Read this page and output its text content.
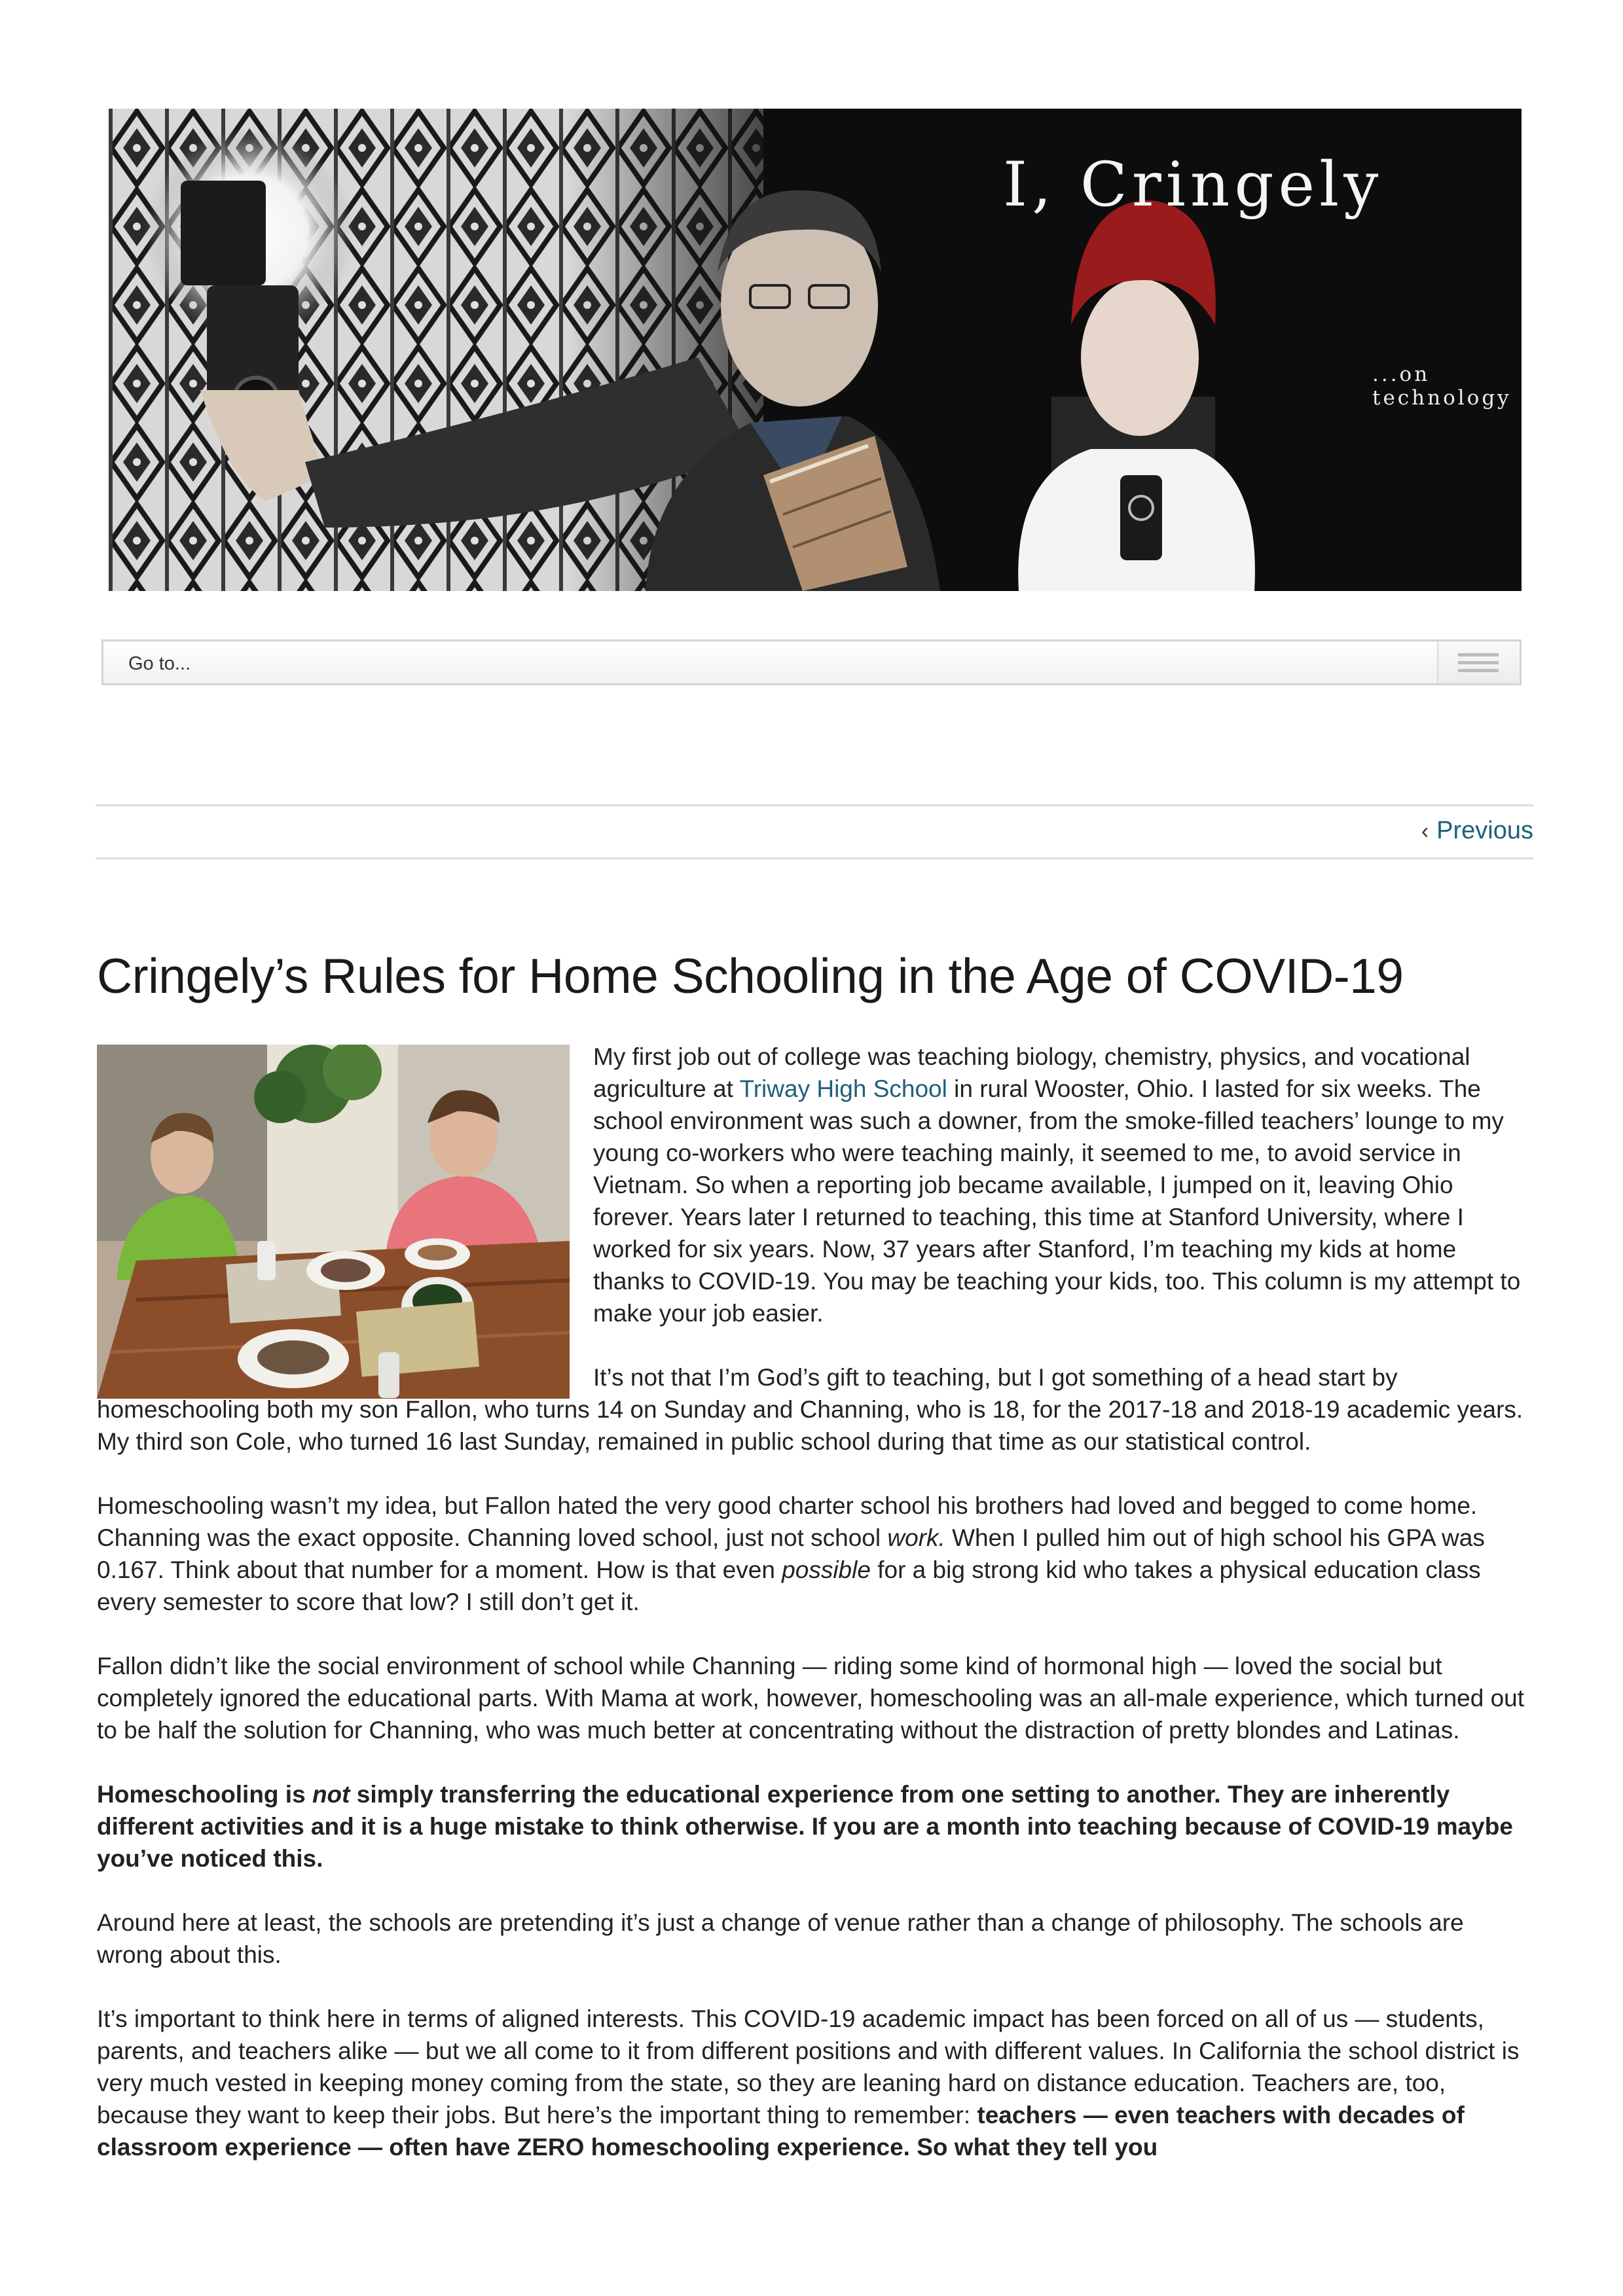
I, Cringely
...on technology
Go to...
‹ Previous
Cringely’s Rules for Home Schooling in the Age of COVID-19

My first job out of college was teaching biology, chemistry, physics, and vocational agriculture at Triway High School in rural Wooster, Ohio. I lasted for six weeks. The school environment was such a downer, from the smoke-filled teachers’ lounge to my young co-workers who were teaching mainly, it seemed to me, to avoid service in Vietnam. So when a reporting job became available, I jumped on it, leaving Ohio forever. Years later I returned to teaching, this time at Stanford University, where I worked for six years. Now, 37 years after Stanford, I’m teaching my kids at home thanks to COVID-19. You may be teaching your kids, too. This column is my attempt to make your job easier.

It’s not that I’m God’s gift to teaching, but I got something of a head start by homeschooling both my son Fallon, who turns 14 on Sunday and Channing, who is 18, for the 2017-18 and 2018-19 academic years. My third son Cole, who turned 16 last Sunday, remained in public school during that time as our statistical control.

Homeschooling wasn’t my idea, but Fallon hated the very good charter school his brothers had loved and begged to come home. Channing was the exact opposite. Channing loved school, just not school work. When I pulled him out of high school his GPA was 0.167. Think about that number for a moment. How is that even possible for a big strong kid who takes a physical education class every semester to score that low? I still don’t get it.

Fallon didn’t like the social environment of school while Channing — riding some kind of hormonal high — loved the social but completely ignored the educational parts. With Mama at work, however, homeschooling was an all-male experience, which turned out to be half the solution for Channing, who was much better at concentrating without the distraction of pretty blondes and Latinas.

Homeschooling is not simply transferring the educational experience from one setting to another. They are inherently different activities and it is a huge mistake to think otherwise. If you are a month into teaching because of COVID-19 maybe you’ve noticed this.

Around here at least, the schools are pretending it’s just a change of venue rather than a change of philosophy. The schools are wrong about this.

It’s important to think here in terms of aligned interests. This COVID-19 academic impact has been forced on all of us — students, parents, and teachers alike — but we all come to it from different positions and with different values. In California the school district is very much vested in keeping money coming from the state, so they are leaning hard on distance education. Teachers are, too, because they want to keep their jobs. But here’s the important thing to remember: teachers — even teachers with decades of classroom experience — often have ZERO homeschooling experience. So what they tell you
